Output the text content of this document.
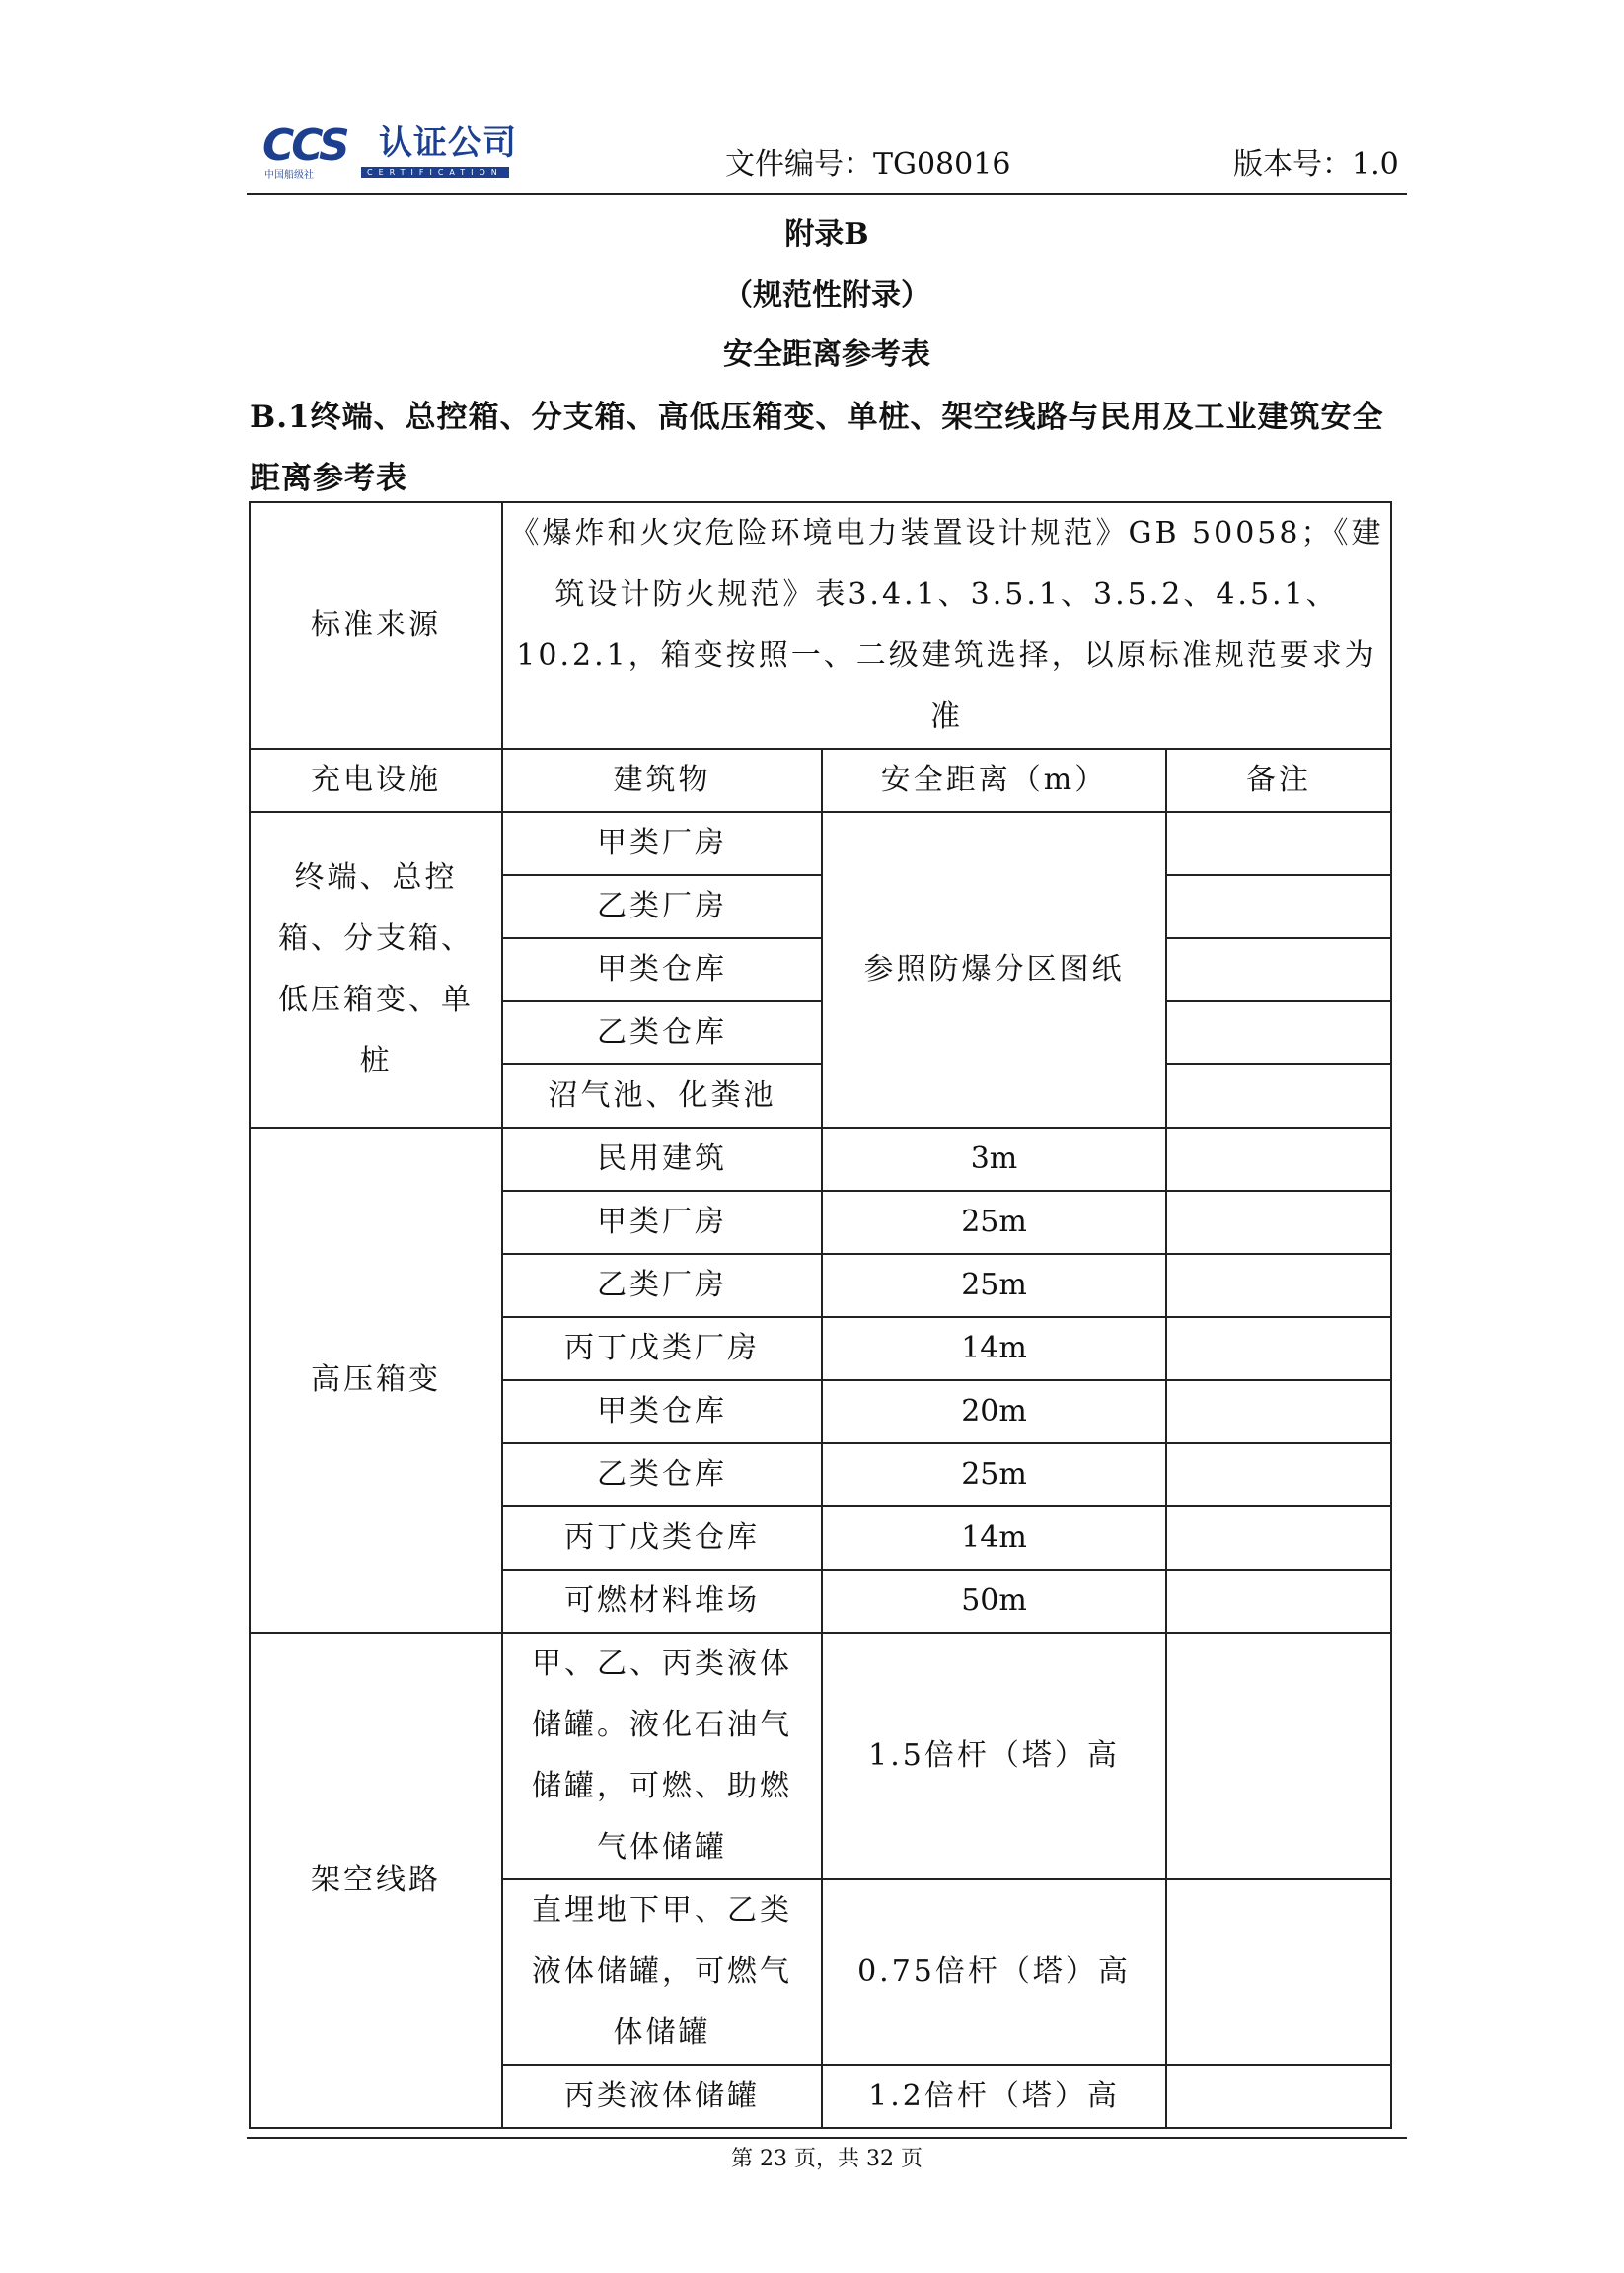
CCS 认证公司
中国船级社	CERTIFICATION	文件编号：TG08016	版本号：1.0
附录B
（规范性附录）
安全距离参考表
B.1终端、总控箱、分支箱、高低压箱变、单桩、架空线路与民用及工业建筑安全距离参考表
标准来源	《爆炸和火灾危险环境电力装置设计规范》GB 50058；《建筑设计防火规范》表3.4.1、3.5.1、3.5.2、4.5.1、10.2.1，箱变按照一、二级建筑选择，以原标准规范要求为准		
充电设施	建筑物	安全距离（m）	备注
终端、总控箱、分支箱、低压箱变、单桩	甲类厂房	参照防爆分区图纸	
	乙类厂房		
	甲类仓库		
	乙类仓库		
	沼气池、化粪池		
高压箱变	民用建筑	3m	
	甲类厂房	25m	
	乙类厂房	25m	
	丙丁戊类厂房	14m	
	甲类仓库	20m	
	乙类仓库	25m	
	丙丁戊类仓库	14m	
	可燃材料堆场	50m	
架空线路	甲、乙、丙类液体储罐。液化石油气储罐，可燃、助燃气体储罐	1.5倍杆（塔）高	
	直埋地下甲、乙类液体储罐，可燃气体储罐	0.75倍杆（塔）高	
	丙类液体储罐	1.2倍杆（塔）高	
第 23 页，共 32 页
